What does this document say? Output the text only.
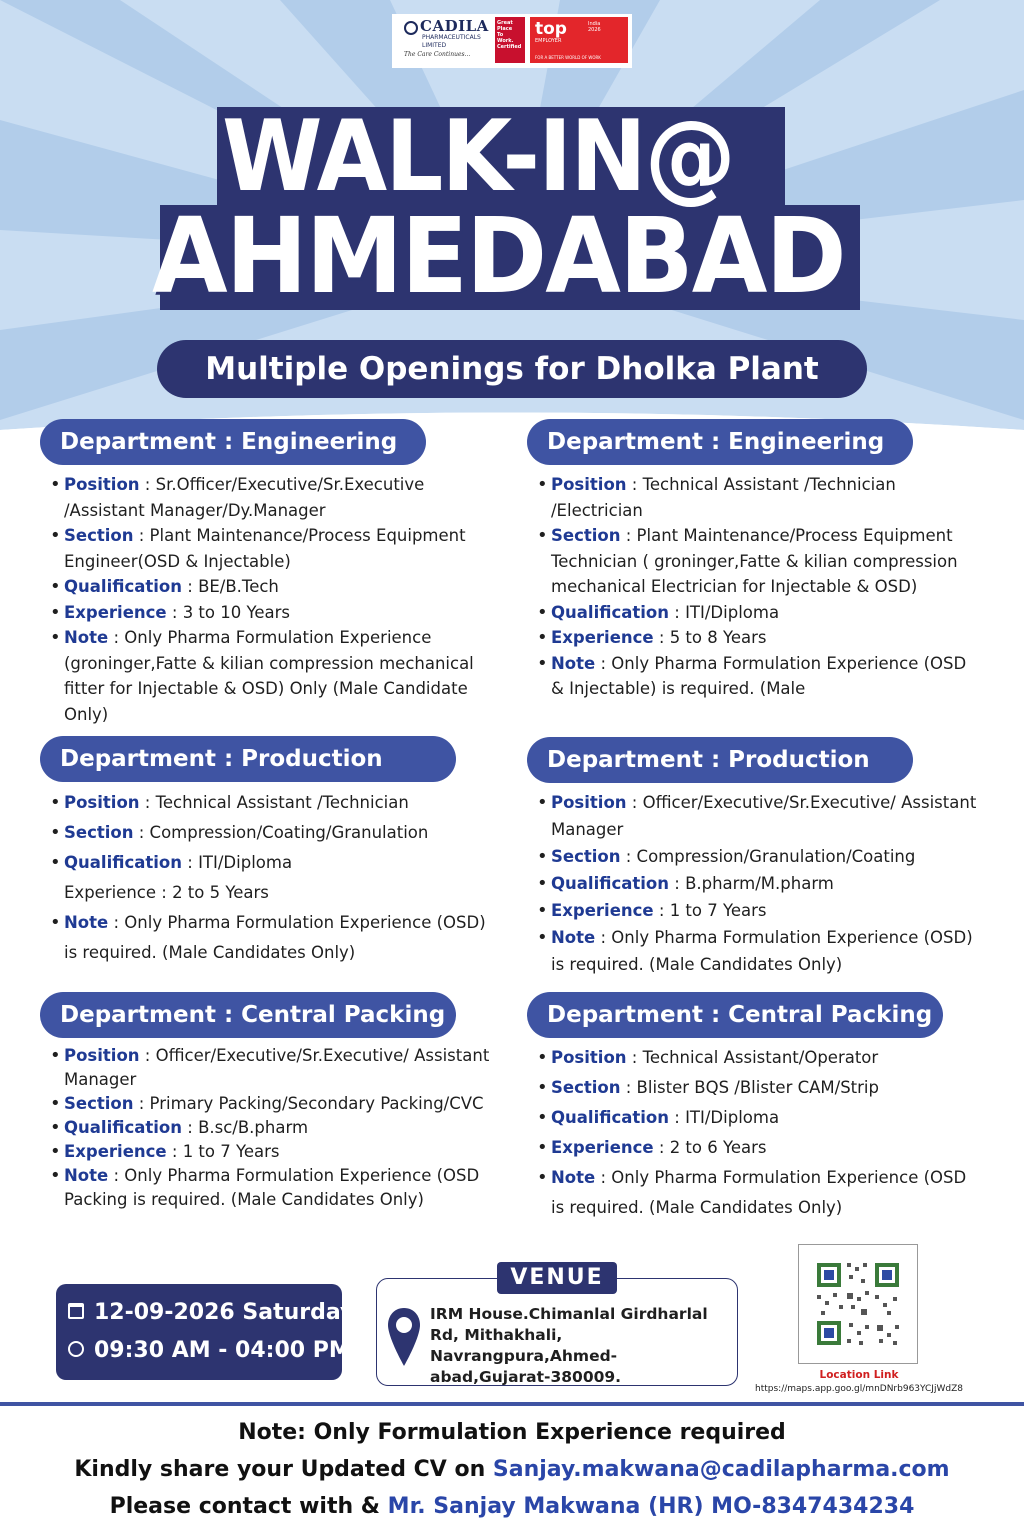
CADILA
PHARMACEUTICALS LIMITED
The Care Continues...
Great
Place
To
Work.
Certified
top
EMPLOYER
India
2026
FOR A BETTER WORLD OF WORK
WALK-IN@
AHMEDABAD
Multiple Openings for Dholka Plant
Department : Engineering
• Position : Sr.Officer/Executive/Sr.Executive /Assistant Manager/Dy.Manager
• Section : Plant Maintenance/Process Equipment Engineer(OSD & Injectable)
• Qualification : BE/B.Tech
• Experience : 3 to 10 Years
• Note : Only Pharma Formulation Experience (groninger,Fatte & kilian compression mechanical fitter for Injectable & OSD) Only (Male Candidate Only)
Department : Production
• Position : Technical Assistant /Technician
• Section : Compression/Coating/Granulation
• Qualification : ITI/Diploma
Experience : 2 to 5 Years
• Note : Only Pharma Formulation Experience (OSD) is required. (Male Candidates Only)
Department : Central Packing
• Position : Officer/Executive/Sr.Executive/ Assistant Manager
• Section : Primary Packing/Secondary Packing/CVC
• Qualification : B.sc/B.pharm
• Experience : 1 to 7 Years
• Note : Only Pharma Formulation Experience (OSD Packing is required. (Male Candidates Only)
Department : Engineering
• Position : Technical Assistant /Technician /Electrician
• Section : Plant Maintenance/Process Equipment Technician ( groninger,Fatte & kilian compression mechanical Electrician for Injectable & OSD)
• Qualification : ITI/Diploma
• Experience : 5 to 8 Years
• Note : Only Pharma Formulation Experience (OSD & Injectable) is required. (Male
Department : Production
• Position : Officer/Executive/Sr.Executive/ Assistant Manager
• Section : Compression/Granulation/Coating
• Qualification : B.pharm/M.pharm
• Experience : 1 to 7 Years
• Note : Only Pharma Formulation Experience (OSD) is required. (Male Candidates Only)
Department : Central Packing
• Position : Technical Assistant/Operator
• Section : Blister BQS /Blister CAM/Strip
• Qualification : ITI/Diploma
• Experience : 2 to 6 Years
• Note : Only Pharma Formulation Experience (OSD is required. (Male Candidates Only)
12-09-2026 Saturday
09:30 AM - 04:00 PM
VENUE
IRM House.Chimanlal Girdharlal Rd, Mithakhali, Navrangpura,Ahmed-abad,Gujarat-380009.	Location Link
https://maps.app.goo.gl/mnDNrb963YCJjWdZ8
Note: Only Formulation Experience required
Kindly share your Updated CV on Sanjay.makwana@cadilapharma.com
Please contact with & Mr. Sanjay Makwana (HR) MO-8347434234
